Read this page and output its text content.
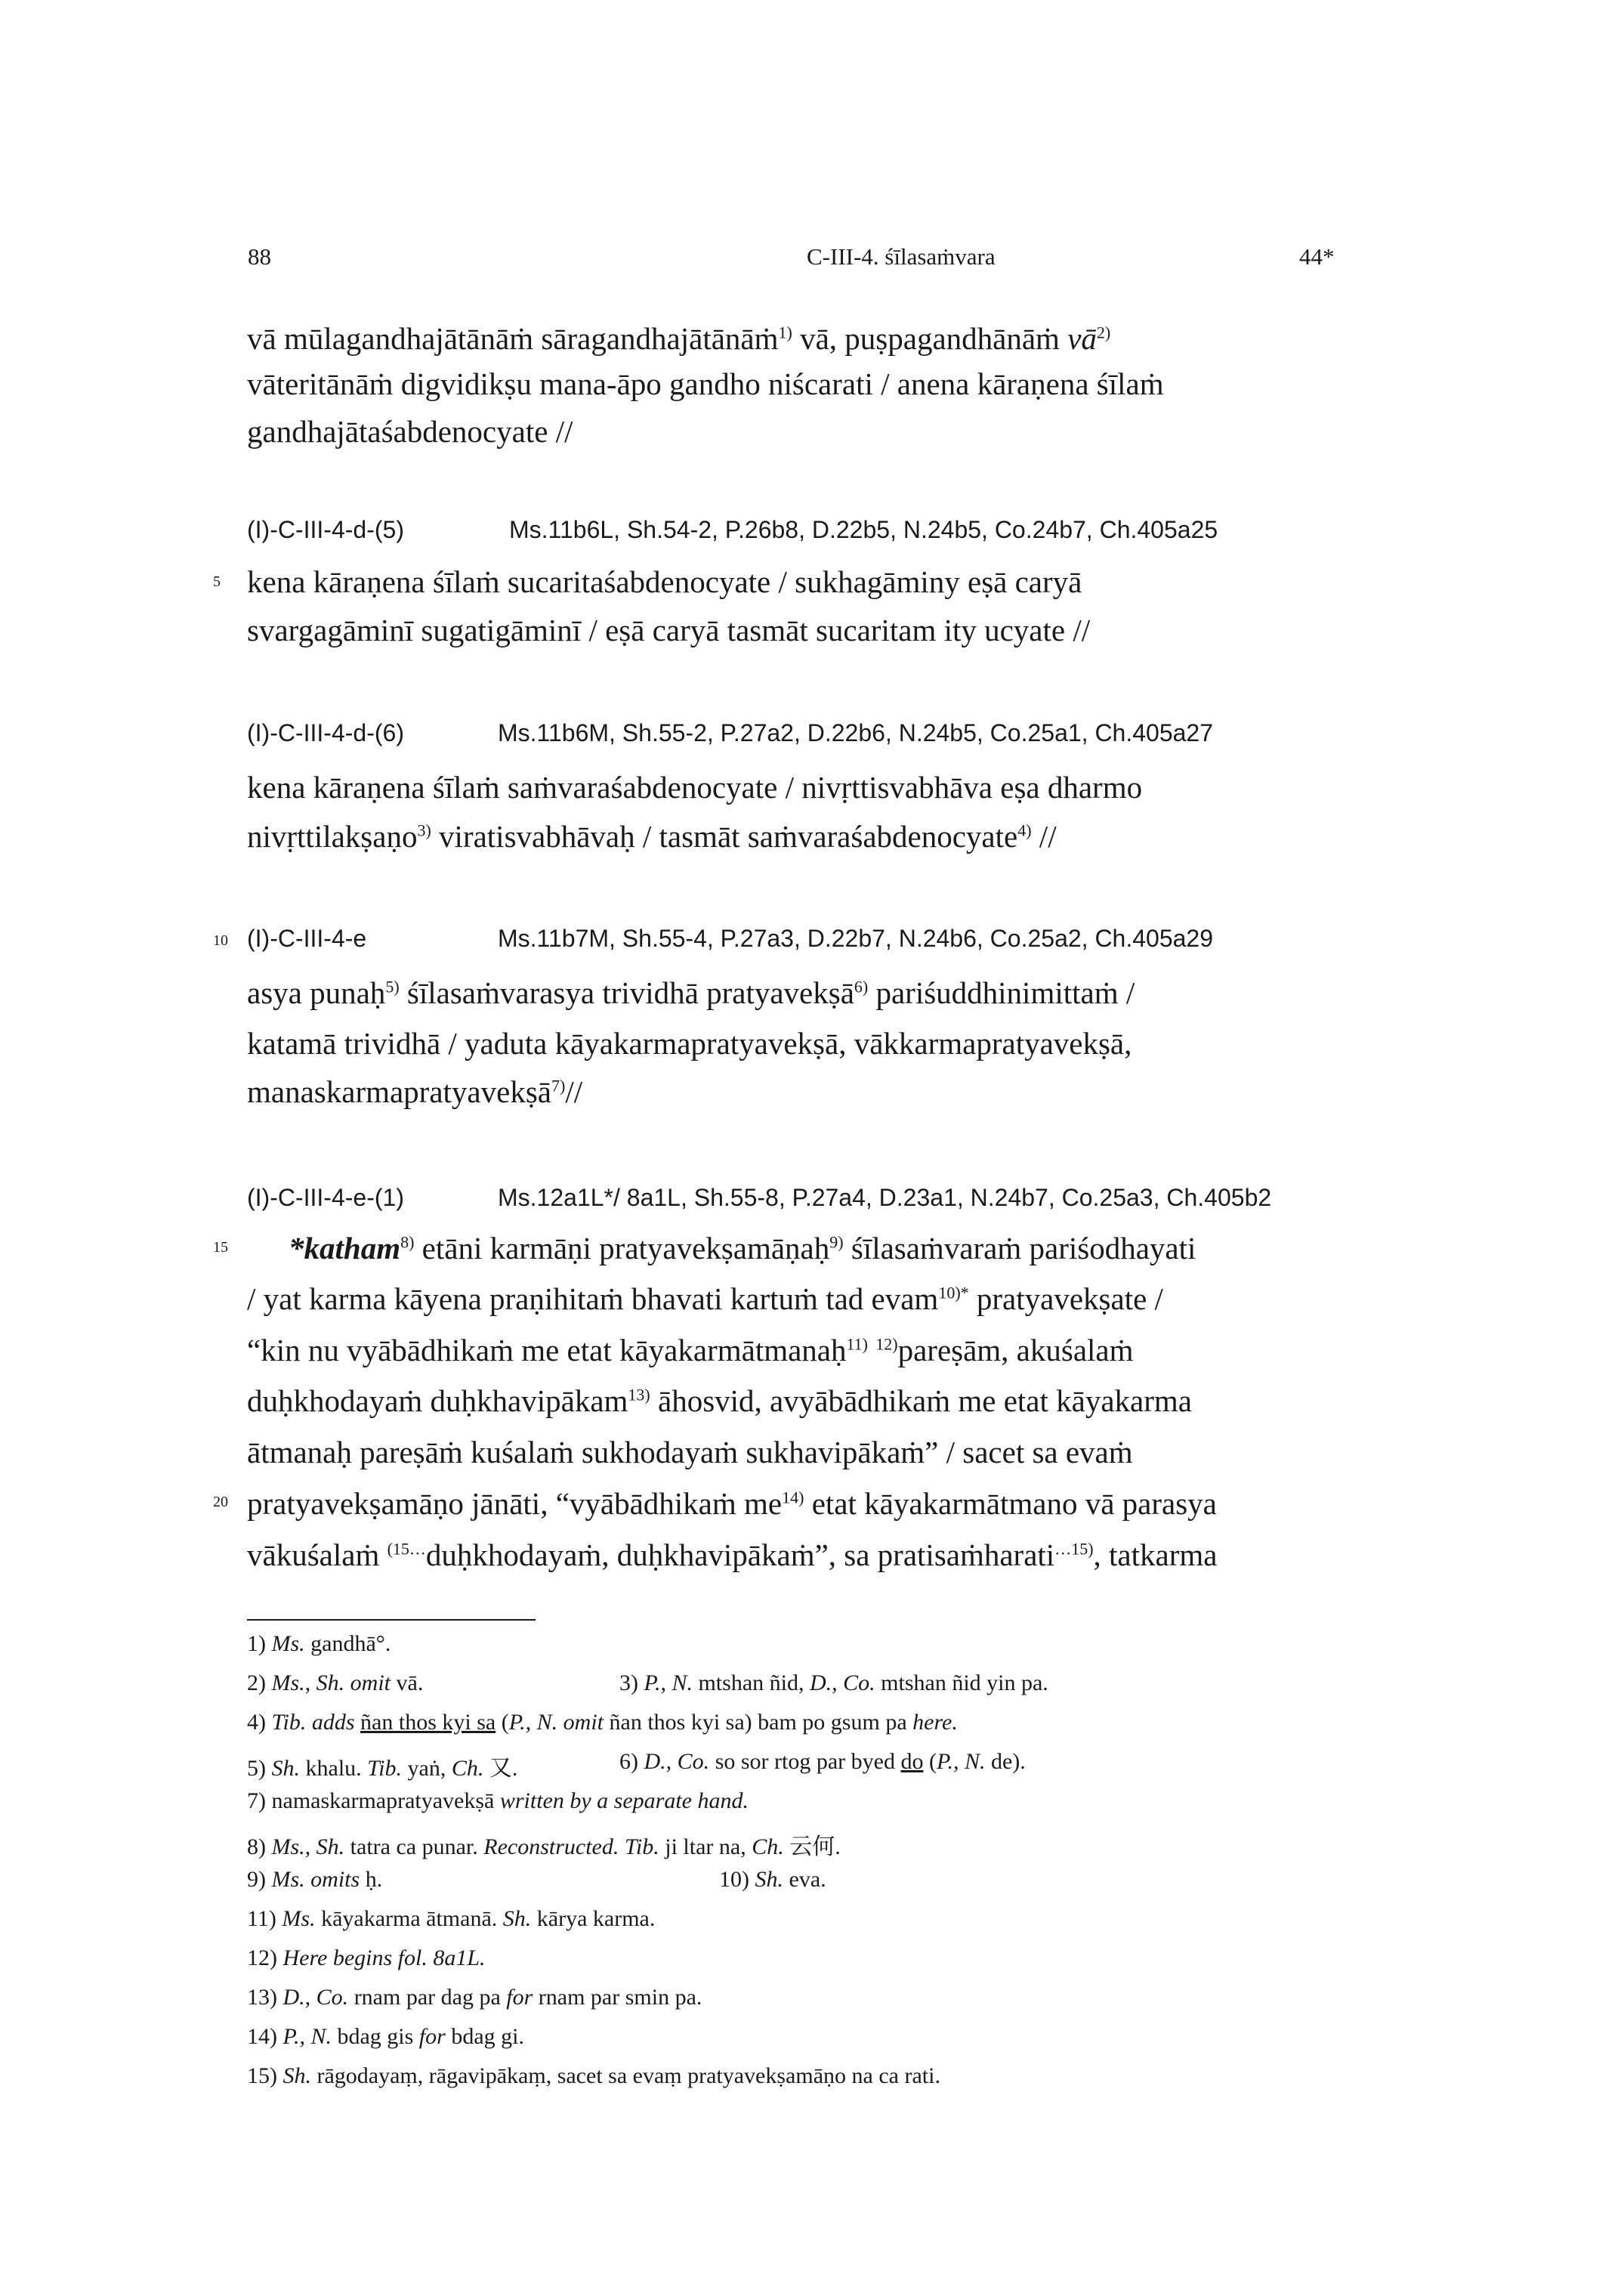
88	C-III-4. śīlasaṁvara	44*
vā mūlagandhajātānāṁ sāragandhajātānāṁ$^{1)}$ vā, puṣpagandhānāṁ $vā^{2)}$
vāteritānāṁ digvidikṣu mana-āpo gandho niścarati / anena kāraṇena śīlaṁ
gandhajātaśabdenocyate //
(I)-C-III-4-d-(5)	Ms.11b6L, Sh.54-2, P.26b8, D.22b5, N.24b5, Co.24b7, Ch.405a25
5 kena kāraṇena śīlaṁ sucaritaśabdenocyate / sukhagāminy eṣā caryā
svargagāminī sugatigāminī / eṣā caryā tasmāt sucaritam ity ucyate //
(I)-C-III-4-d-(6)	Ms.11b6M, Sh.55-2, P.27a2, D.22b6, N.24b5, Co.25a1, Ch.405a27
kena kāraṇena śīlaṁ saṁvaraśabdenocyate / nivṛttisvabhāva eṣa dharmo
nivṛttilakṣaṇo$^{3)}$ viratisvabhāvaḥ / tasmāt saṁvaraśabdenocyate$^{4)}$ //
10 (I)-C-III-4-e	Ms.11b7M, Sh.55-4, P.27a3, D.22b7, N.24b6, Co.25a2, Ch.405a29
asya punaḥ$^{5)}$ śīlasaṁvarasya trividhā pratyavekṣā$^{6)}$ pariśuddhinimittaṁ /
katamā trividhā / yaduta kāyakarmapratyavekṣā, vākkarmapratyavekṣā,
manaskarmapratyavekṣā$^{7)}$//
(I)-C-III-4-e-(1)	Ms.12a1L*/ 8a1L, Sh.55-8, P.27a4, D.23a1, N.24b7, Co.25a3, Ch.405b2
15 *katham$^{8)}$ etāni karmāṇi pratyavekṣamāṇaḥ$^{9)}$ śīlasaṁvaraṁ pariśodhayati
/ yat karma kāyena praṇihitaṁ bhavati kartuṁ tad evam$^{10)*}$ pratyavekṣate /
“kin nu vyābādhikaṁ me etat kāyakarmātmanaḥ$^{11)}$ $^{12)}$pareṣām, akuśalaṁ
duḥkhodayaṁ duḥkhavipākam$^{13)}$ āhosvid, avyābādhikaṁ me etat kāyakarma
ātmanaḥ pareṣāṁ kuśalaṁ sukhodayaṁ sukhavipākaṁ” / sacet sa evaṁ
20 pratyavekṣamāṇo jānāti, “vyābādhikaṁ $me^{14)}$ etat kāyakarmātmano vā parasya
vākuśalaṁ $^{(15\dots}$duḥkhodayaṁ, duḥkhavipākaṁ”, sa pratisaṁharati$^{\dots 15)}$, tatkarma
1) Ms. gandhā°.
2) Ms., Sh. omit vā.	3) P., N. mtshan ñid, D., Co. mtshan ñid yin pa.
4) Tib. adds ñan thos kyi sa (P., N. omit ñan thos kyi sa) bam po gsum pa here.
5) Sh. khalu. Tib. yaṅ, Ch. 又.	6) D., Co. so sor rtog par byed do (P., N. de).
7) namaskarmapratyavekṣā written by a separate hand.
8) Ms., Sh. tatra ca punar. Reconstructed. Tib. ji ltar na, Ch. 云何.
9) Ms. omits ḥ.	10) Sh. eva.
11) Ms. kāyakarma ātmanā. Sh. kārya karma.
12) Here begins fol. 8a1L.
13) D., Co. rnam par dag pa for rnam par smin pa.
14) P., N. bdag gis for bdag gi.
15) Sh. rāgodayaṃ, rāgavipākaṃ, sacet sa evaṃ pratyavekṣamāṇo na ca rati.
